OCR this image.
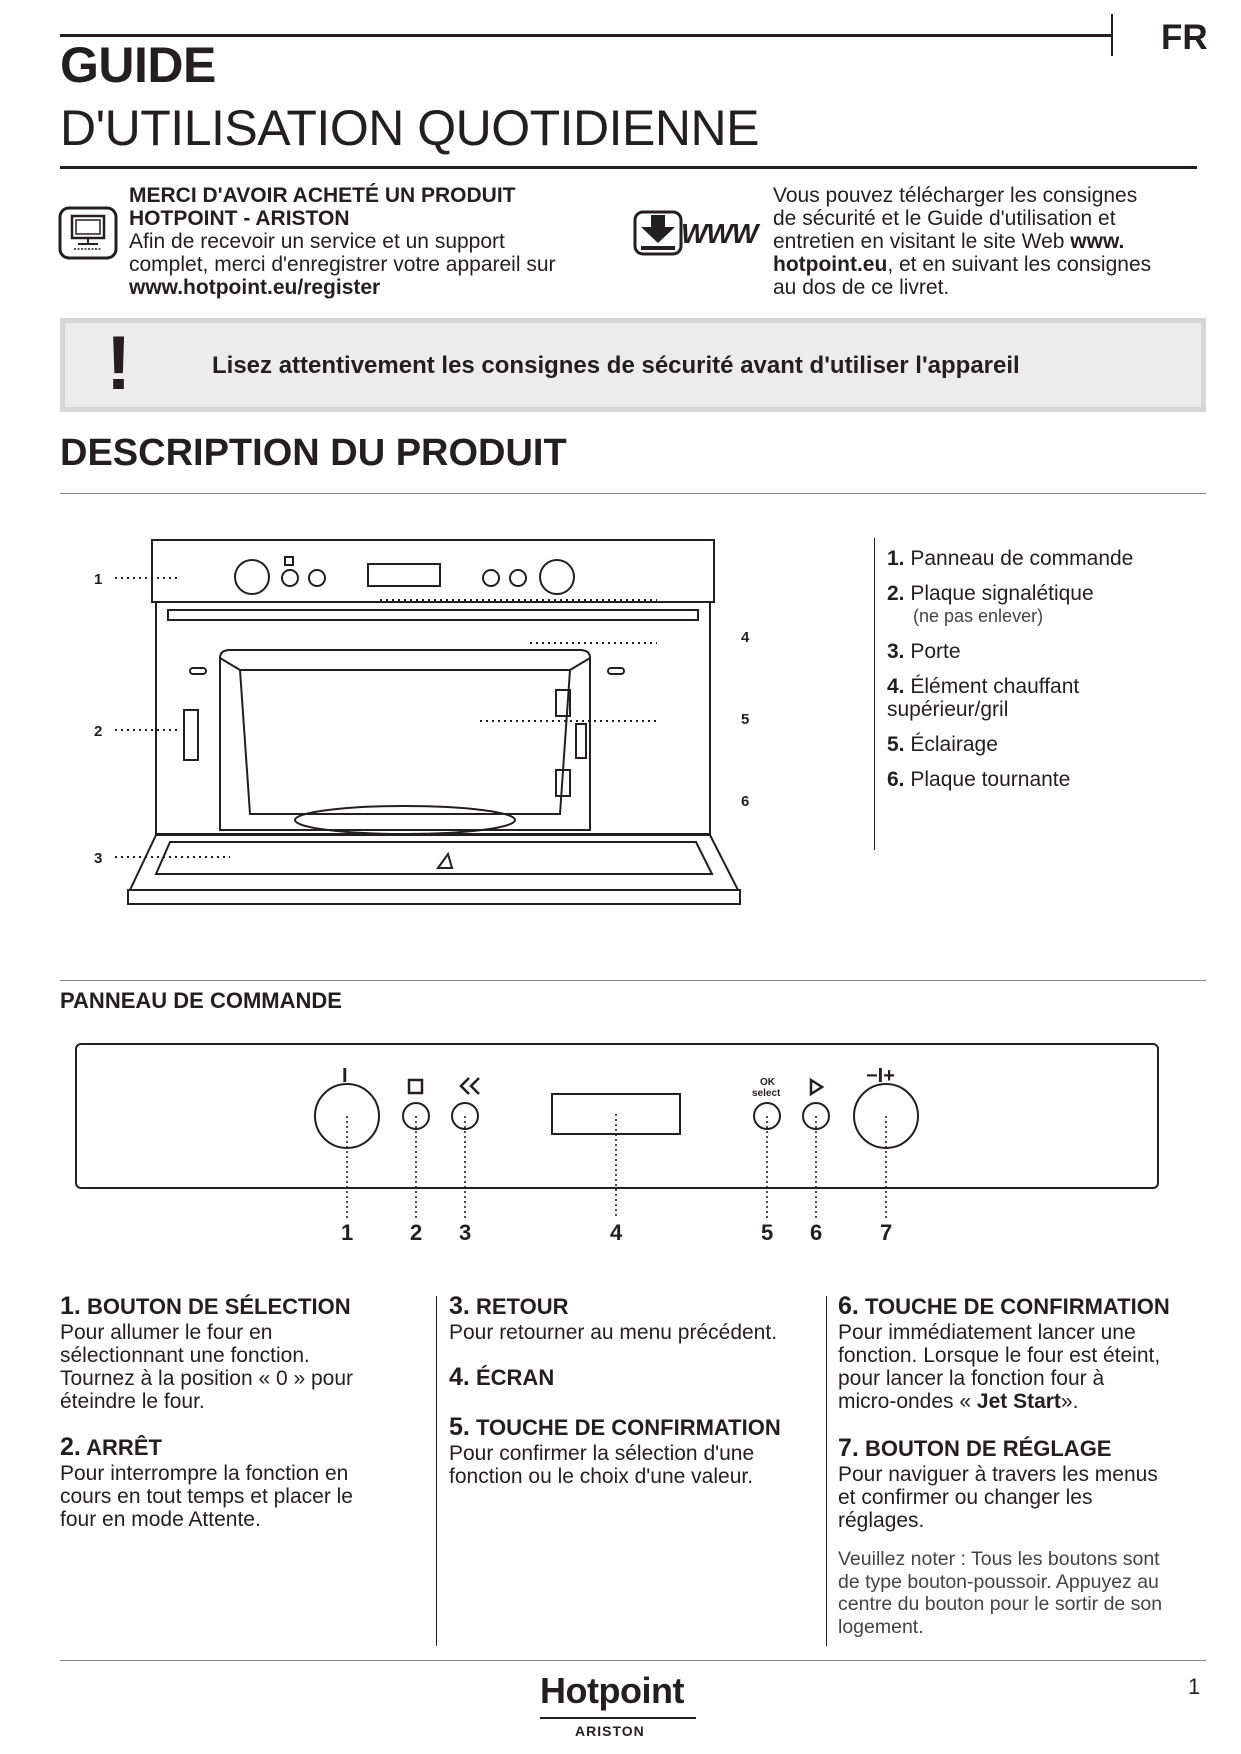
FR
GUIDE
D'UTILISATION QUOTIDIENNE
MERCI D'AVOIR ACHETÉ UN PRODUIT
HOTPOINT - ARISTON
Afin de recevoir un service et un support
complet, merci d'enregistrer votre appareil sur
www.hotpoint.eu/register
WWW
Vous pouvez télécharger les consignes
de sécurité et le Guide d'utilisation et
entretien en visitant le site Web www.
hotpoint.eu, et en suivant les consignes
au dos de ce livret.
!	Lisez attentivement les consignes de sécurité avant d'utiliser l'appareil
DESCRIPTION DU PRODUIT
1
2
3
4
5
6
1. Panneau de commande
2. Plaque signalétique
(ne pas enlever)
3. Porte
4. Élément chauffant
supérieur/gril
5. Éclairage
6. Plaque tournante
PANNEAU DE COMMANDE
I	−I+
OK
select
1	2 3	4	5 6	7
1. BOUTON DE SÉLECTION
Pour allumer le four en
sélectionnant une fonction.
Tournez à la position « 0 » pour
éteindre le four.
2. ARRÊT
Pour interrompre la fonction en
cours en tout temps et placer le
four en mode Attente.
3. RETOUR
Pour retourner au menu précédent.
4. ÉCRAN
5. TOUCHE DE CONFIRMATION
Pour confirmer la sélection d'une
fonction ou le choix d'une valeur.
6. TOUCHE DE CONFIRMATION
Pour immédiatement lancer une
fonction. Lorsque le four est éteint,
pour lancer la fonction four à
micro-ondes « Jet Start».
7. BOUTON DE RÉGLAGE
Pour naviguer à travers les menus
et confirmer ou changer les
réglages.
Veuillez noter : Tous les boutons sont
de type bouton-poussoir. Appuyez au
centre du bouton pour le sortir de son
logement.
Hotpoint
ARISTON
1
